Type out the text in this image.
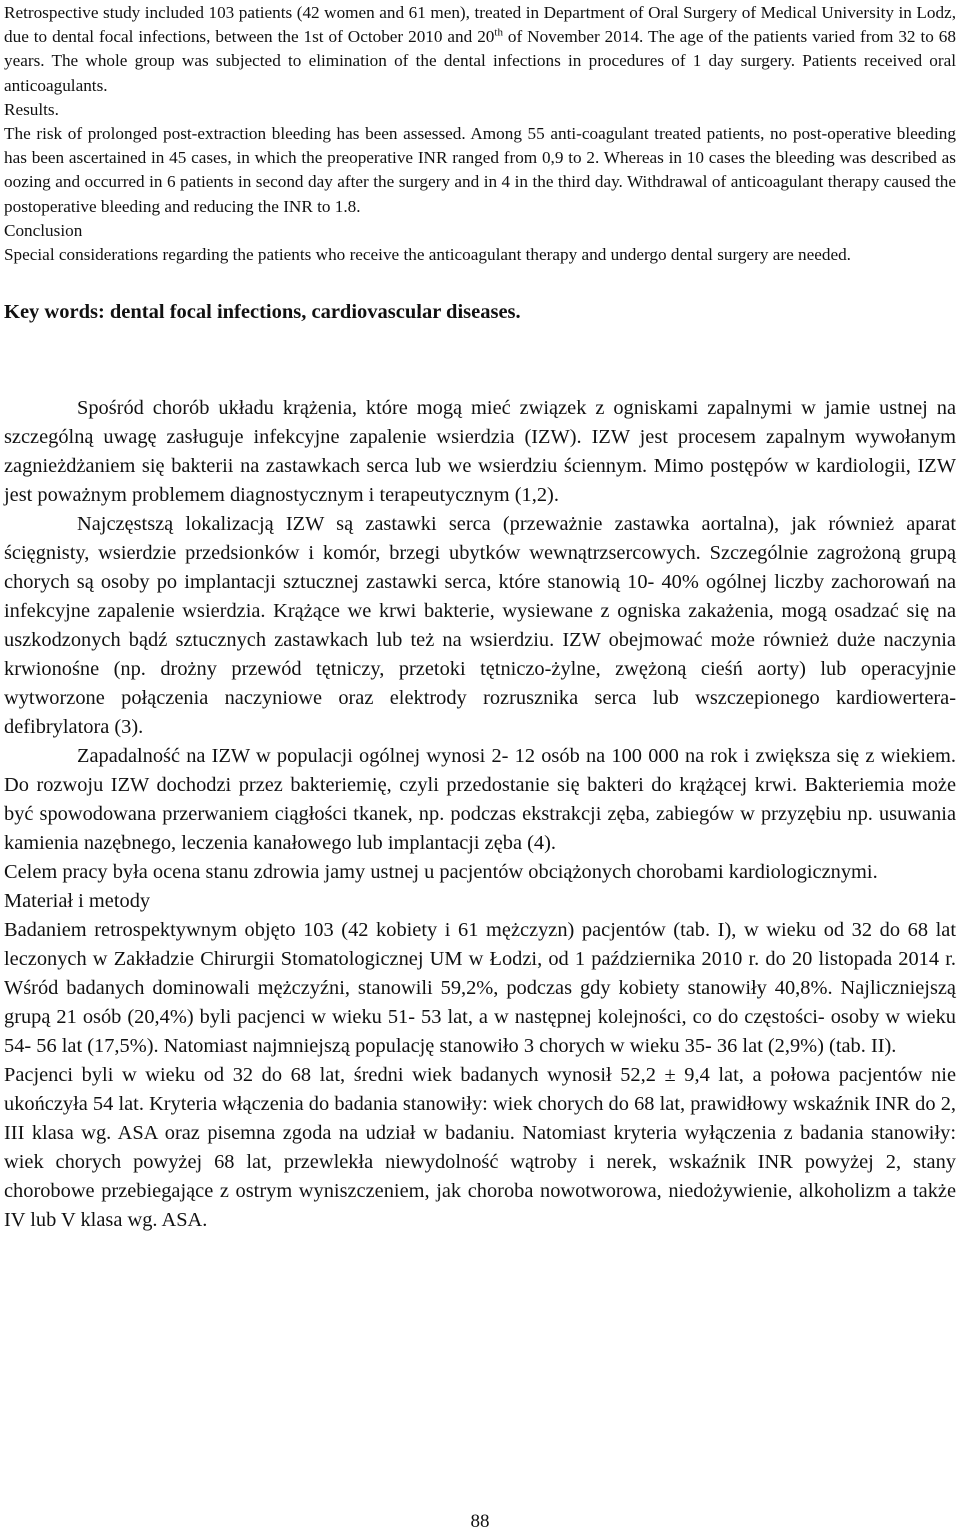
Retrospective study included 103 patients (42 women and 61 men), treated in Department of Oral Surgery of Medical University in Lodz, due to dental focal infections, between the 1st of October 2010 and 20th of November 2014. The age of the patients varied from 32 to 68 years. The whole group was subjected to elimination of the dental infections in procedures of 1 day surgery. Patients received oral anticoagulants.

Results.

The risk of prolonged post-extraction bleeding has been assessed. Among 55 anti-coagulant treated patients, no post-operative bleeding has been ascertained in 45 cases, in which the preoperative INR ranged from 0,9 to 2. Whereas in 10 cases the bleeding was described as oozing and occurred in 6 patients in second day after the surgery and in 4 in the third day. Withdrawal of anticoagulant therapy caused the postoperative bleeding and reducing the INR to 1.8.

Conclusion

Special considerations regarding the patients who receive the anticoagulant therapy and undergo dental surgery are needed.

Key words: dental focal infections, cardiovascular diseases.

Spośród chorób układu krążenia, które mogą mieć związek z ogniskami zapalnymi w jamie ustnej na szczególną uwagę zasługuje infekcyjne zapalenie wsierdzia (IZW). IZW jest procesem zapalnym wywołanym zagnieżdżaniem się bakterii na zastawkach serca lub we wsierdziu ściennym. Mimo postępów w kardiologii, IZW jest poważnym problemem diagnostycznym i terapeutycznym (1,2).

Najczęstszą lokalizacją IZW są zastawki serca (przeważnie zastawka aortalna), jak również aparat ścięgnisty, wsierdzie przedsionków i komór, brzegi ubytków wewnątrzsercowych. Szczególnie zagrożoną grupą chorych są osoby po implantacji sztucznej zastawki serca, które stanowią 10- 40% ogólnej liczby zachorowań na infekcyjne zapalenie wsierdzia. Krążące we krwi bakterie, wysiewane z ogniska zakażenia, mogą osadzać się na uszkodzonych bądź sztucznych zastawkach lub też na wsierdziu. IZW obejmować może również duże naczynia krwionośne (np. drożny przewód tętniczy, przetoki tętniczo-żylne, zwężoną cieśń aorty) lub operacyjnie wytworzone połączenia naczyniowe oraz elektrody rozrusznika serca lub wszczepionego kardiowertera-defibrylatora (3).

Zapadalność na IZW w populacji ogólnej wynosi 2- 12 osób na 100 000 na rok i zwiększa się z wiekiem. Do rozwoju IZW dochodzi przez bakteriemię, czyli przedostanie się bakteri do krążącej krwi. Bakteriemia może być spowodowana przerwaniem ciągłości tkanek, np. podczas ekstrakcji zęba, zabiegów w przyzębiu np. usuwania kamienia nazębnego, leczenia kanałowego lub implantacji zęba (4).

Celem pracy była ocena stanu zdrowia jamy ustnej u pacjentów obciążonych chorobami kardiologicznymi.

Materiał i metody

Badaniem retrospektywnym objęto 103 (42 kobiety i 61 mężczyzn) pacjentów (tab. I), w wieku od 32 do 68 lat leczonych w Zakładzie Chirurgii Stomatologicznej UM w Łodzi, od 1 października 2010 r. do 20 listopada 2014 r. Wśród badanych dominowali mężczyźni, stanowili 59,2%, podczas gdy kobiety stanowiły 40,8%. Najliczniejszą grupą 21 osób (20,4%) byli pacjenci w wieku 51- 53 lat, a w następnej kolejności, co do częstości- osoby w wieku 54- 56 lat (17,5%). Natomiast najmniejszą populację stanowiło 3 chorych w wieku 35- 36 lat (2,9%) (tab. II).

Pacjenci byli w wieku od 32 do 68 lat, średni wiek badanych wynosił 52,2 ± 9,4 lat, a połowa pacjentów nie ukończyła 54 lat. Kryteria włączenia do badania stanowiły: wiek chorych do 68 lat, prawidłowy wskaźnik INR do 2, III klasa wg. ASA oraz pisemna zgoda na udział w badaniu. Natomiast kryteria wyłączenia z badania stanowiły: wiek chorych powyżej 68 lat, przewlekła niewydolność wątroby i nerek, wskaźnik INR powyżej 2, stany chorobowe przebiegające z ostrym wyniszczeniem, jak choroba nowotworowa, niedożywienie, alkoholizm a także IV lub V klasa wg. ASA.

88
